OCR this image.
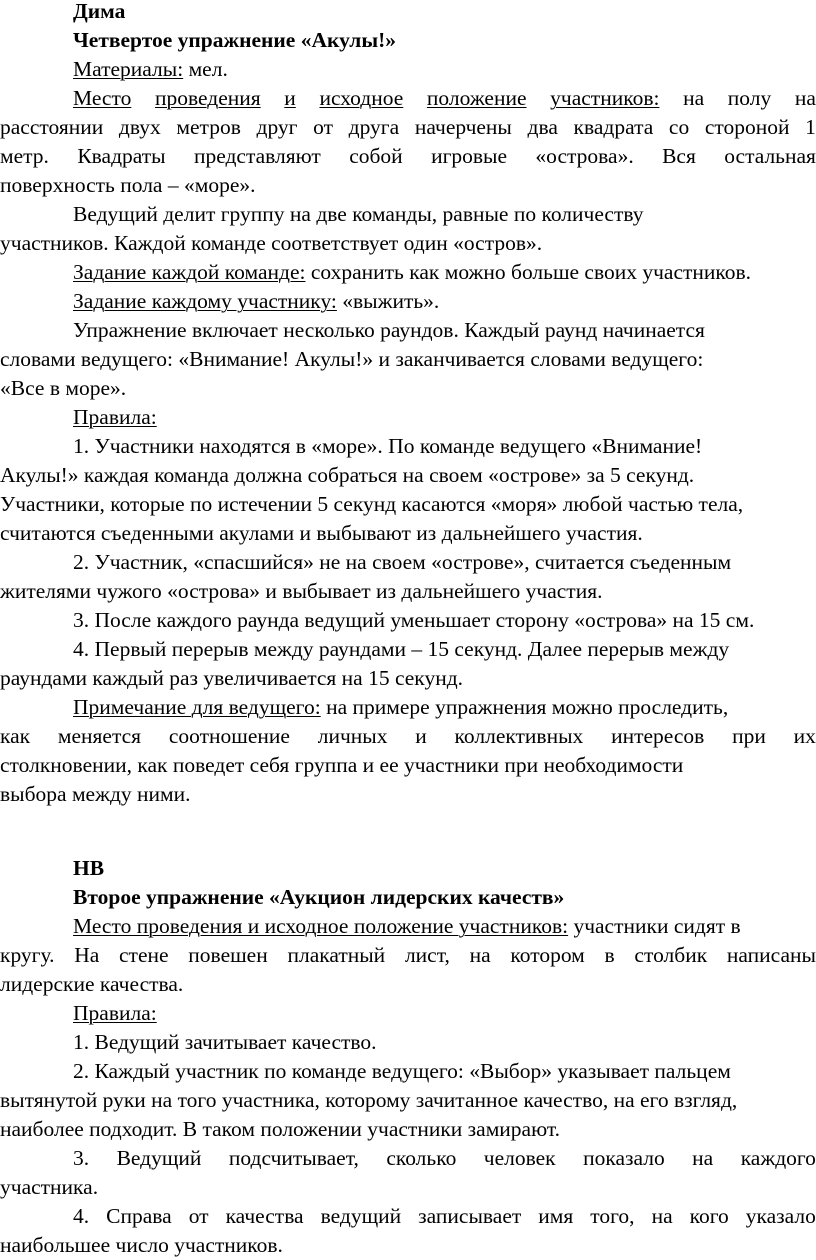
Дима
Четвертое упражнение «Акулы!»
Материалы: мел.
Место проведения и исходное положение участников: на полу на
расстоянии двух метров друг от друга начерчены два квадрата со стороной 1
метр. Квадраты представляют собой игровые «острова». Вся остальная
поверхность пола – «море».
Ведущий делит группу на две команды, равные по количеству
участников. Каждой команде соответствует один «остров».
Задание каждой команде: сохранить как можно больше своих участников.
Задание каждому участнику: «выжить».
Упражнение включает несколько раундов. Каждый раунд начинается
словами ведущего: «Внимание! Акулы!» и заканчивается словами ведущего:
«Все в море».
Правила:
1. Участники находятся в «море». По команде ведущего «Внимание!
Акулы!» каждая команда должна собраться на своем «острове» за 5 секунд.
Участники, которые по истечении 5 секунд касаются «моря» любой частью тела,
считаются съеденными акулами и выбывают из дальнейшего участия.
2. Участник, «спасшийся» не на своем «острове», считается съеденным
жителями чужого «острова» и выбывает из дальнейшего участия.
3. После каждого раунда ведущий уменьшает сторону «острова» на 15 см.
4. Первый перерыв между раундами – 15 секунд. Далее перерыв между
раундами каждый раз увеличивается на 15 секунд.
Примечание для ведущего: на примере упражнения можно проследить,
как меняется соотношение личных и коллективных интересов при их
столкновении, как поведет себя группа и ее участники при необходимости
выбора между ними.
НВ
Второе упражнение «Аукцион лидерских качеств»
Место проведения и исходное положение участников: участники сидят в
кругу. На стене повешен плакатный лист, на котором в столбик написаны
лидерские качества.
Правила:
1. Ведущий зачитывает качество.
2. Каждый участник по команде ведущего: «Выбор» указывает пальцем
вытянутой руки на того участника, которому зачитанное качество, на его взгляд,
наиболее подходит. В таком положении участники замирают.
3. Ведущий подсчитывает, сколько человек показало на каждого
участника.
4. Справа от качества ведущий записывает имя того, на кого указало
наибольшее число участников.
